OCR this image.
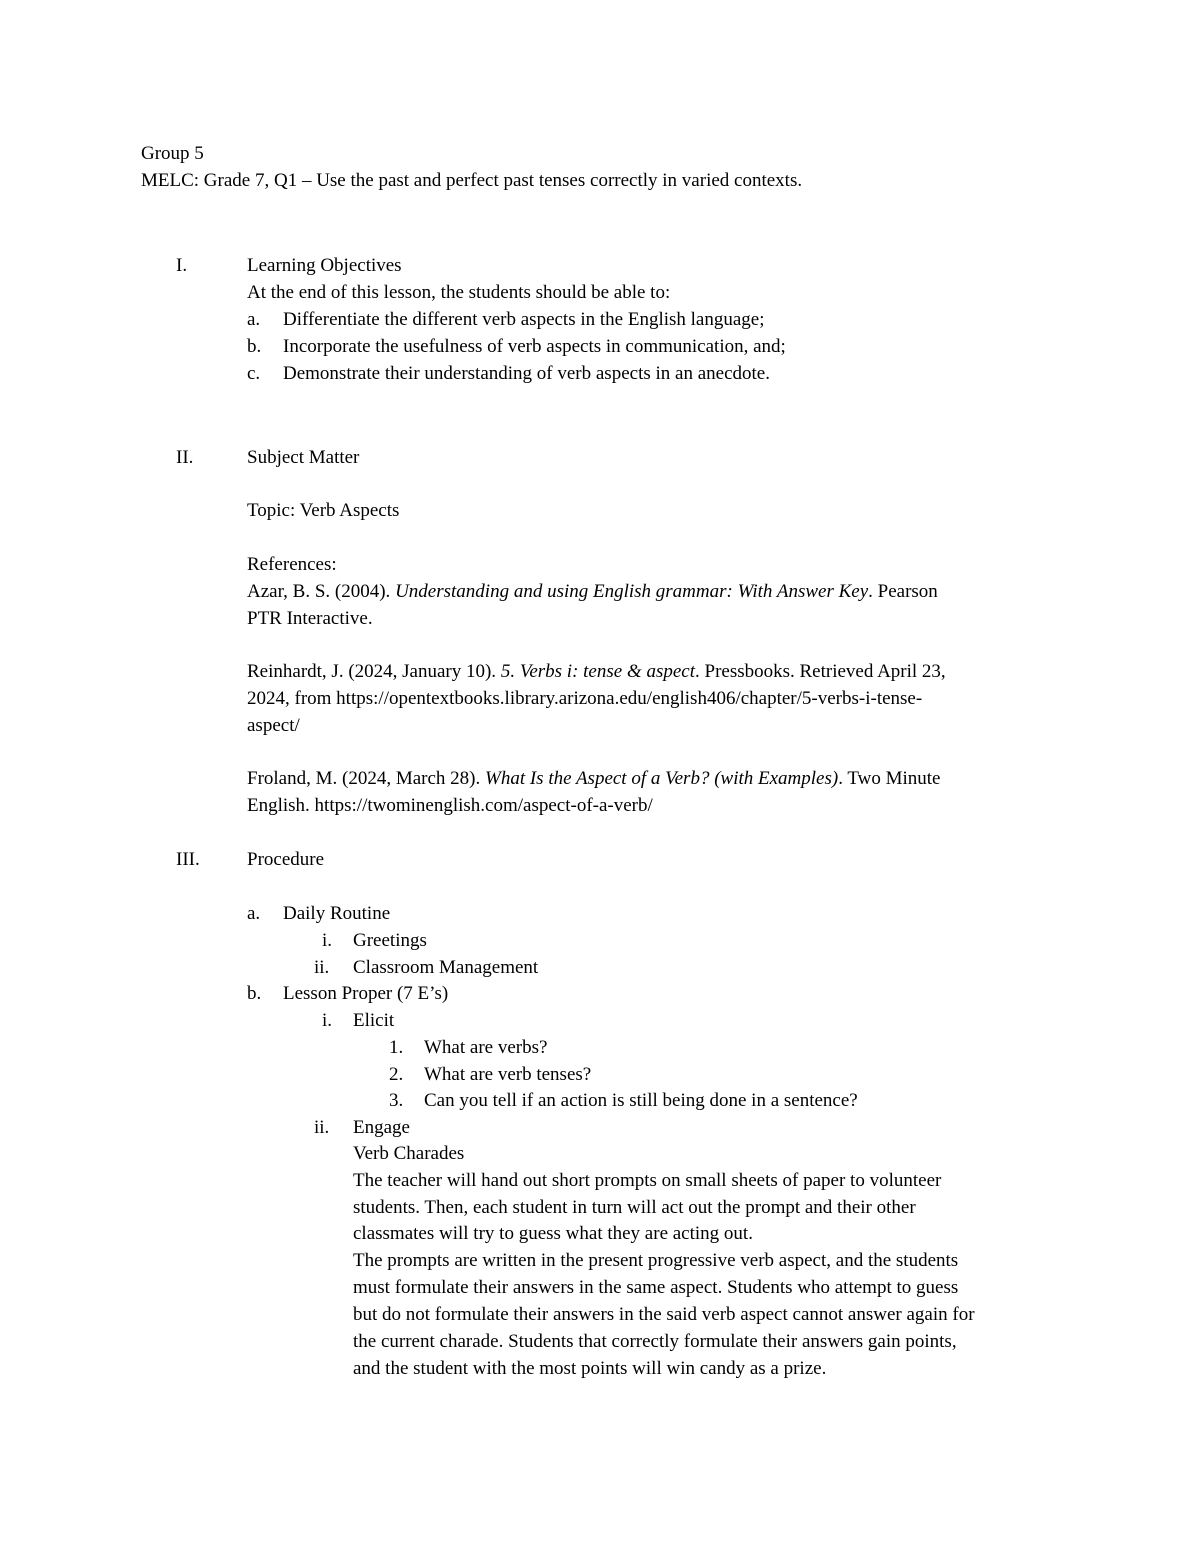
Group 5
MELC: Grade 7, Q1 – Use the past and perfect past tenses correctly in varied contexts.
I.	Learning Objectives
At the end of this lesson, the students should be able to:
a. Differentiate the different verb aspects in the English language;
b. Incorporate the usefulness of verb aspects in communication, and;
c. Demonstrate their understanding of verb aspects in an anecdote.
II.	Subject Matter
Topic: Verb Aspects
References:
Azar, B. S. (2004). Understanding and using English grammar: With Answer Key. Pearson
PTR Interactive.
Reinhardt, J. (2024, January 10). 5. Verbs i: tense & aspect. Pressbooks. Retrieved April 23,
2024, from https://opentextbooks.library.arizona.edu/english406/chapter/5-verbs-i-tense-
aspect/
Froland, M. (2024, March 28). What Is the Aspect of a Verb? (with Examples). Two Minute
English. https://twominenglish.com/aspect-of-a-verb/
III. Procedure
a. Daily Routine
i. Greetings
ii. Classroom Management
b. Lesson Proper (7 E’s)
i. Elicit
1. What are verbs?
2. What are verb tenses?
3. Can you tell if an action is still being done in a sentence?
ii. Engage
Verb Charades
The teacher will hand out short prompts on small sheets of paper to volunteer
students. Then, each student in turn will act out the prompt and their other
classmates will try to guess what they are acting out.
The prompts are written in the present progressive verb aspect, and the students
must formulate their answers in the same aspect. Students who attempt to guess
but do not formulate their answers in the said verb aspect cannot answer again for
the current charade. Students that correctly formulate their answers gain points,
and the student with the most points will win candy as a prize.
